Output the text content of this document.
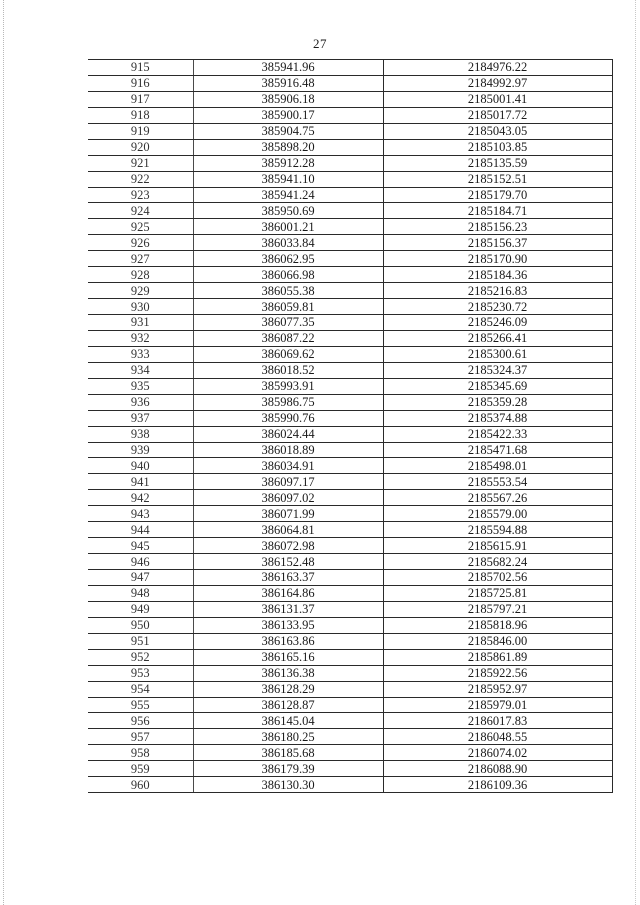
27
915	385941.96	2184976.22
916	385916.48	2184992.97
917	385906.18	2185001.41
918	385900.17	2185017.72
919	385904.75	2185043.05
920	385898.20	2185103.85
921	385912.28	2185135.59
922	385941.10	2185152.51
923	385941.24	2185179.70
924	385950.69	2185184.71
925	386001.21	2185156.23
926	386033.84	2185156.37
927	386062.95	2185170.90
928	386066.98	2185184.36
929	386055.38	2185216.83
930	386059.81	2185230.72
931	386077.35	2185246.09
932	386087.22	2185266.41
933	386069.62	2185300.61
934	386018.52	2185324.37
935	385993.91	2185345.69
936	385986.75	2185359.28
937	385990.76	2185374.88
938	386024.44	2185422.33
939	386018.89	2185471.68
940	386034.91	2185498.01
941	386097.17	2185553.54
942	386097.02	2185567.26
943	386071.99	2185579.00
944	386064.81	2185594.88
945	386072.98	2185615.91
946	386152.48	2185682.24
947	386163.37	2185702.56
948	386164.86	2185725.81
949	386131.37	2185797.21
950	386133.95	2185818.96
951	386163.86	2185846.00
952	386165.16	2185861.89
953	386136.38	2185922.56
954	386128.29	2185952.97
955	386128.87	2185979.01
956	386145.04	2186017.83
957	386180.25	2186048.55
958	386185.68	2186074.02
959	386179.39	2186088.90
960	386130.30	2186109.36
